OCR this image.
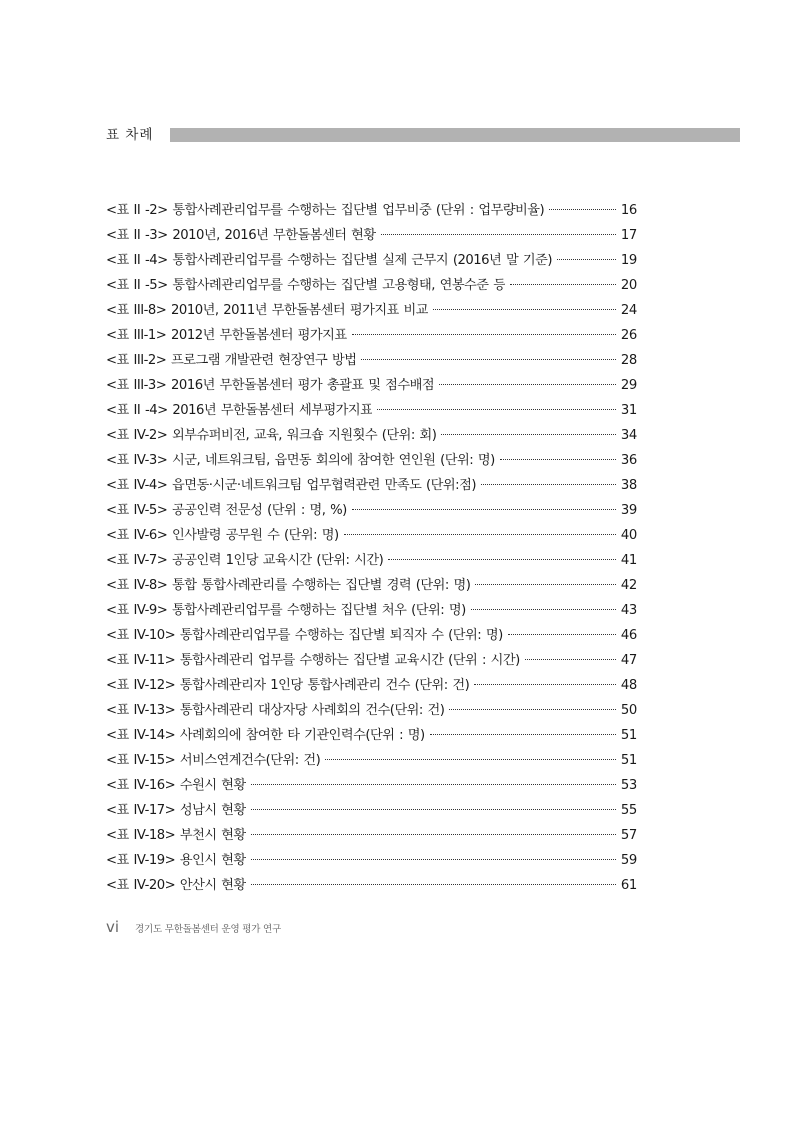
표 차례
<표 II -2> 통합사례관리업무를 수행하는 집단별 업무비중 (단위 : 업무량비율)	16
<표 II -3> 2010년, 2016년 무한돌봄센터 현황	17
<표 II -4> 통합사례관리업무를 수행하는 집단별 실제 근무지 (2016년 말 기준)	19
<표 II -5> 통합사례관리업무를 수행하는 집단별 고용형태, 연봉수준 등	20
<표 III-8> 2010년, 2011년 무한돌봄센터 평가지표 비교	24
<표 III-1> 2012년 무한돌봄센터 평가지표	26
<표 III-2> 프로그램 개발관련 현장연구 방법	28
<표 III-3> 2016년 무한돌봄센터 평가 총괄표 및 점수배점	29
<표 II -4> 2016년 무한돌봄센터 세부평가지표	31
<표 IV-2> 외부슈퍼비전, 교육, 워크숍 지원횟수 (단위: 회)	34
<표 IV-3> 시군, 네트워크팀, 읍면동 회의에 참여한 연인원 (단위: 명)	36
<표 IV-4> 읍면동·시군·네트워크팀 업무협력관련 만족도 (단위:점)	38
<표 IV-5> 공공인력 전문성 (단위 : 명, %)	39
<표 IV-6> 인사발령 공무원 수 (단위: 명)	40
<표 IV-7> 공공인력 1인당 교육시간 (단위: 시간)	41
<표 IV-8> 통합 통합사례관리를 수행하는 집단별 경력 (단위: 명)	42
<표 IV-9> 통합사례관리업무를 수행하는 집단별 처우 (단위: 명)	43
<표 IV-10> 통합사례관리업무를 수행하는 집단별 퇴직자 수 (단위: 명)	46
<표 IV-11> 통합사례관리 업무를 수행하는 집단별 교육시간 (단위 : 시간)	47
<표 IV-12> 통합사례관리자 1인당 통합사례관리 건수 (단위: 건)	48
<표 IV-13> 통합사례관리 대상자당 사례회의 건수(단위: 건)	50
<표 IV-14> 사례회의에 참여한 타 기관인력수(단위 : 명)	51
<표 IV-15> 서비스연계건수(단위: 건)	51
<표 IV-16> 수원시 현황	53
<표 IV-17> 성남시 현황	55
<표 IV-18> 부천시 현황	57
<표 IV-19> 용인시 현황	59
<표 IV-20> 안산시 현황	61
vi 경기도 무한돌봄센터 운영 평가 연구
